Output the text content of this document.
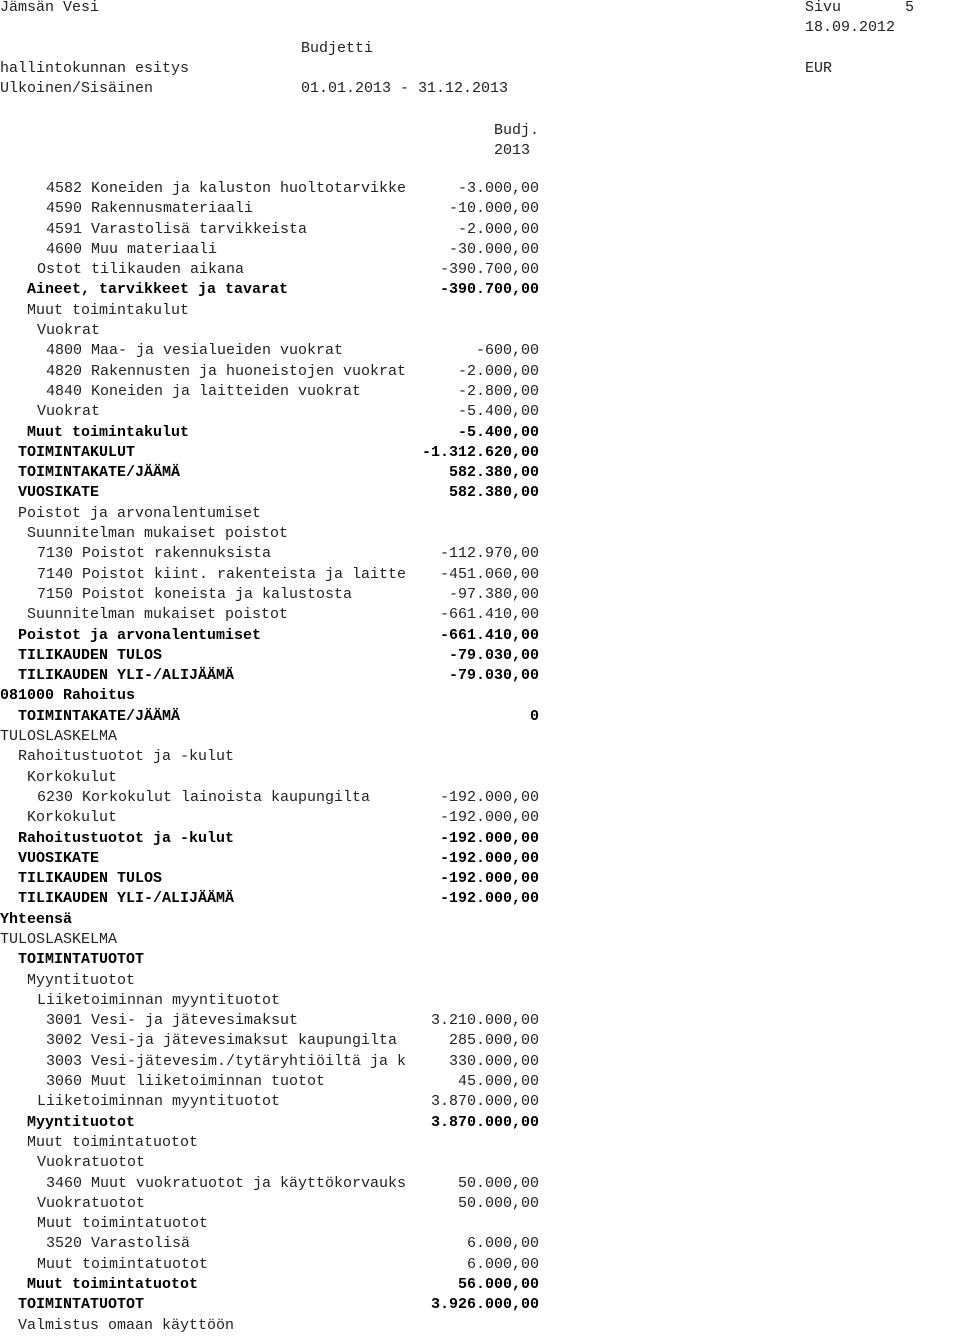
Jämsän Vesi	Sivu	5
18.09.2012
Budjetti
hallintokunnan esitys	EUR
Ulkoinen/Sisäinen	01.01.2013 - 31.12.2013
Budj.
2013
4582 Koneiden ja kaluston huoltotarvikke	-3.000,00
4590 Rakennusmateriaali	-10.000,00
4591 Varastolisä tarvikkeista	-2.000,00
4600 Muu materiaali	-30.000,00
Ostot tilikauden aikana	-390.700,00
Aineet, tarvikkeet ja tavarat	-390.700,00
Muut toimintakulut
Vuokrat
4800 Maa- ja vesialueiden vuokrat	-600,00
4820 Rakennusten ja huoneistojen vuokrat	-2.000,00
4840 Koneiden ja laitteiden vuokrat	-2.800,00
Vuokrat	-5.400,00
Muut toimintakulut	-5.400,00
TOIMINTAKULUT	-1.312.620,00
TOIMINTAKATE/JÄÄMÄ	582.380,00
VUOSIKATE	582.380,00
Poistot ja arvonalentumiset
Suunnitelman mukaiset poistot
7130 Poistot rakennuksista	-112.970,00
7140 Poistot kiint. rakenteista ja laitte -451.060,00
7150 Poistot koneista ja kalustosta	-97.380,00
Suunnitelman mukaiset poistot	-661.410,00
Poistot ja arvonalentumiset	-661.410,00
TILIKAUDEN TULOS	-79.030,00
TILIKAUDEN YLI-/ALIJÄÄMÄ	-79.030,00
081000 Rahoitus
TOIMINTAKATE/JÄÄMÄ	0
TULOSLASKELMA
Rahoitustuotot ja -kulut
Korkokulut
6230 Korkokulut lainoista kaupungilta	-192.000,00
Korkokulut	-192.000,00
Rahoitustuotot ja -kulut	-192.000,00
VUOSIKATE	-192.000,00
TILIKAUDEN TULOS	-192.000,00
TILIKAUDEN YLI-/ALIJÄÄMÄ	-192.000,00
Yhteensä
TULOSLASKELMA
TOIMINTATUOTOT
Myyntituotot
Liiketoiminnan myyntituotot
3001 Vesi- ja jätevesimaksut	3.210.000,00
3002 Vesi-ja jätevesimaksut kaupungilta	285.000,00
3003 Vesi-jätevesim./tytäryhtiöiltä ja k	330.000,00
3060 Muut liiketoiminnan tuotot	45.000,00
Liiketoiminnan myyntituotot	3.870.000,00
Myyntituotot	3.870.000,00
Muut toimintatuotot
Vuokratuotot
3460 Muut vuokratuotot ja käyttökorvauks	50.000,00
Vuokratuotot	50.000,00
Muut toimintatuotot
3520 Varastolisä	6.000,00
Muut toimintatuotot	6.000,00
Muut toimintatuotot	56.000,00
TOIMINTATUOTOT	3.926.000,00
Valmistus omaan käyttöön
